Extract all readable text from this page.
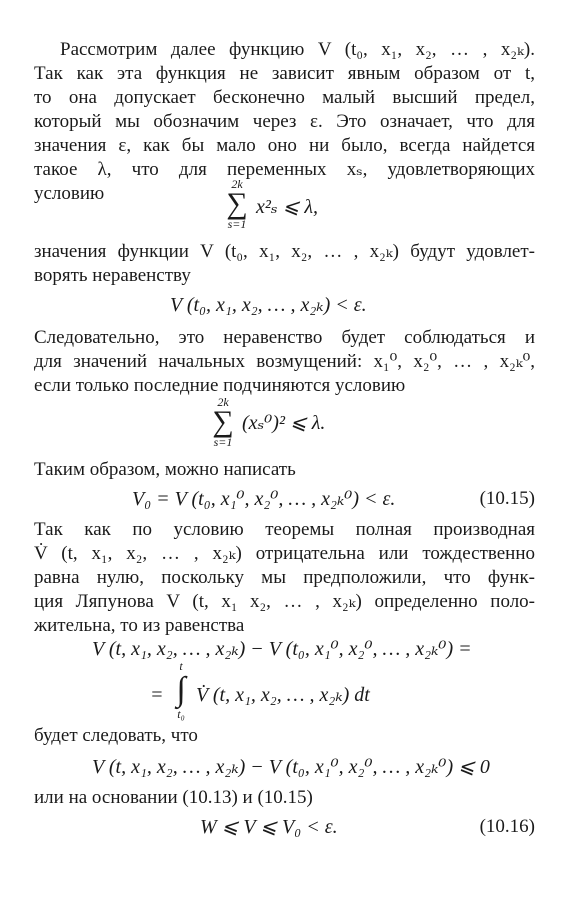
Рассмотрим далее функцию V (t₀, x₁, x₂, … , x₂ₖ).
Так как эта функция не зависит явным образом от t,
то она допускает бесконечно малый высший предел,
который мы обозначим через ε. Это означает, что для
значения ε, как бы мало оно ни было, всегда найдется
такое λ, что для переменных xₛ, удовлетворяющих
условию	2k
∑
s=1
x²ₛ ⩽ λ,
значения функции V (t₀, x₁, x₂, … , x₂ₖ) будут удовлет-
ворять неравенству
V (t₀, x₁, x₂, … , x₂ₖ) < ε.
Следовательно, это неравенство будет соблюдаться и
для значений начальных возмущений: x₁⁰, x₂⁰, … , x₂ₖ⁰,
если только последние подчиняются условию
2k
∑
s=1
(xₛ⁰)² ⩽ λ.
Таким образом, можно написать
V₀ = V (t₀, x₁⁰, x₂⁰, … , x₂ₖ⁰) < ε.	(10.15)
Так как по условию теоремы полная производная
V̇ (t, x₁, x₂, … , x₂ₖ) отрицательна или тождественно
равна нулю, поскольку мы предположили, что функ-
ция Ляпунова V (t, x₁ x₂, … , x₂ₖ) определенно поло-
жительна, то из равенства
V (t, x₁, x₂, … , x₂ₖ) − V (t₀, x₁⁰, x₂⁰, … , x₂ₖ⁰) =
=
t
∫
t₀
V̇ (t, x₁, x₂, … , x₂ₖ) dt
будет следовать, что
V (t, x₁, x₂, … , x₂ₖ) − V (t₀, x₁⁰, x₂⁰, … , x₂ₖ⁰) ⩽ 0
или на основании (10.13) и (10.15)
W ⩽ V ⩽ V₀ < ε.	(10.16)
